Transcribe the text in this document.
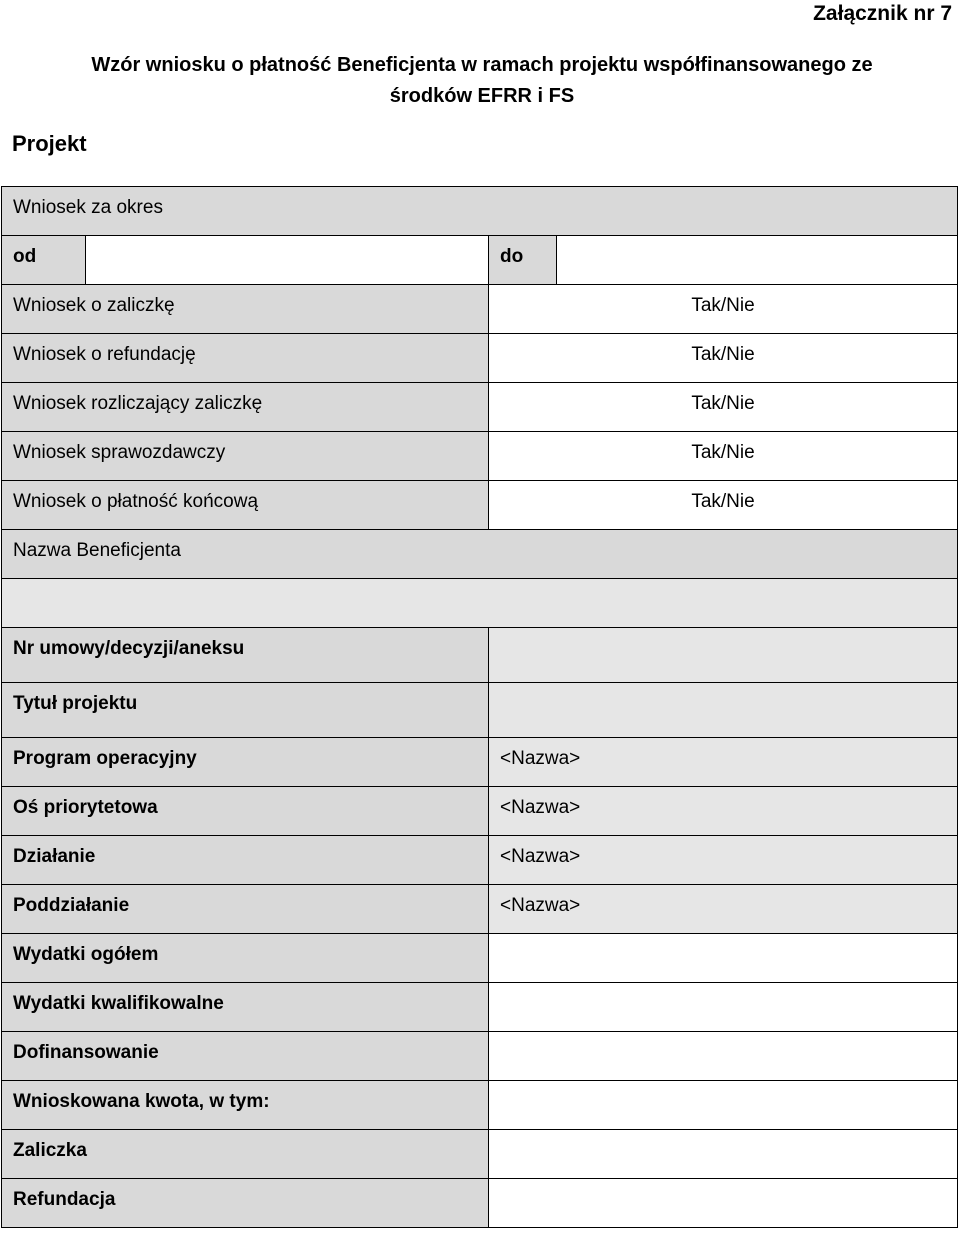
Załącznik nr 7
Wzór wniosku o płatność Beneficjenta w ramach projektu współfinansowanego ze
środków EFRR i FS
Projekt
Wniosek za okres			
od		do	
Wniosek o zaliczkę		Tak/Nie	
Wniosek o refundację		Tak/Nie	
Wniosek rozliczający zaliczkę		Tak/Nie	
Wniosek sprawozdawczy		Tak/Nie	
Wniosek o płatność końcową		Tak/Nie	
Nazwa Beneficjenta			

Nr umowy/decyzji/aneksu			
Tytuł projektu			
Program operacyjny		<Nazwa>	
Oś priorytetowa		<Nazwa>	
Działanie		<Nazwa>	
Poddziałanie		<Nazwa>	
Wydatki ogółem			
Wydatki kwalifikowalne			
Dofinansowanie			
Wnioskowana kwota, w tym:			
Zaliczka			
Refundacja			
